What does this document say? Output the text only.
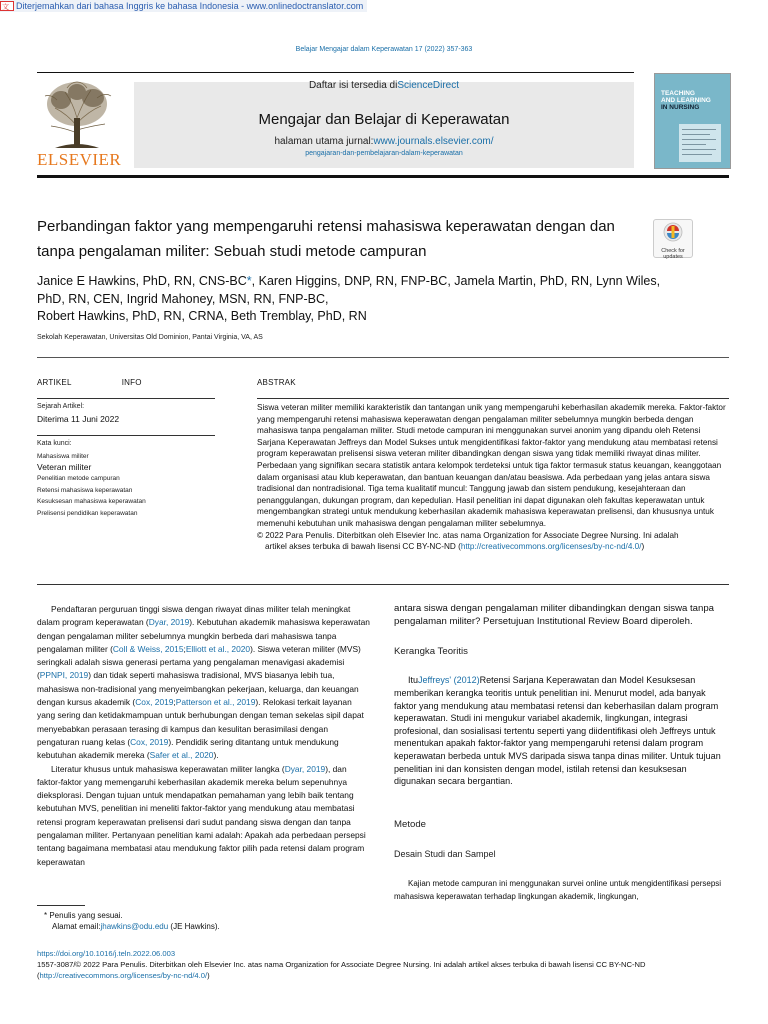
文 Diterjemahkan dari bahasa Inggris ke bahasa Indonesia - www.onlinedoctranslator.com
Belajar Mengajar dalam Keperawatan 17 (2022) 357-363
ELSEVIER
Daftar isi tersedia diScienceDirect
Mengajar dan Belajar di Keperawatan
halaman utama jurnal:www.journals.elsevier.com/
pengajaran-dan-pembelajaran-dalam-keperawatan
TEACHING
AND LEARNING
IN NURSING
Perbandingan faktor yang mempengaruhi retensi mahasiswa keperawatan dengan dan tanpa pengalaman militer: Sebuah studi metode campuran	Check for
updates
Janice E Hawkins, PhD, RN, CNS-BC*, Karen Higgins, DNP, RN, FNP-BC, Jamela Martin, PhD, RN, Lynn Wiles, PhD, RN, CEN, Ingrid Mahoney, MSN, RN, FNP-BC,
Robert Hawkins, PhD, RN, CRNA, Beth Tremblay, PhD, RN
Sekolah Keperawatan, Universitas Old Dominion, Pantai Virginia, VA, AS
ARTIKEL	INFO
Sejarah Artikel:
Diterima 11 Juni 2022
Kata kunci:
Mahasiswa militer
Veteran militer
Penelitian metode campuran
Retensi mahasiswa keperawatan
Kesuksesan mahasiswa keperawatan
Prelisensi pendidikan keperawatan
ABSTRAK
Siswa veteran militer memiliki karakteristik dan tantangan unik yang mempengaruhi keberhasilan akademik mereka. Faktor-faktor yang mempengaruhi retensi mahasiswa keperawatan dengan pengalaman militer sebelumnya mungkin berbeda dengan mahasiswa tanpa pengalaman militer. Studi metode campuran ini menggunakan survei anonim yang dipandu oleh Retensi Sarjana Keperawatan Jeffreys dan Model Sukses untuk mengidentifikasi faktor-faktor yang mendukung atau membatasi retensi program keperawatan prelisensi siswa veteran militer dibandingkan dengan siswa yang tidak memiliki riwayat dinas militer. Perbedaan yang signifikan secara statistik antara kelompok terdeteksi untuk tiga faktor termasuk status keuangan, keanggotaan dalam organisasi atau klub keperawatan, dan bantuan keuangan dan/atau beasiswa. Ada perbedaan yang jelas antara siswa tradisional dan nontradisional. Tiga tema kualitatif muncul: Tanggung jawab dan sistem pendukung, kesejahteraan dan penanggulangan, dukungan program, dan kepedulian. Hasil penelitian ini dapat digunakan oleh fakultas keperawatan untuk mengembangkan strategi untuk mendukung keberhasilan akademik mahasiswa keperawatan prelisensi, dan khususnya untuk memenuhi kebutuhan unik mahasiswa dengan pengalaman militer sebelumnya.
© 2022 Para Penulis. Diterbitkan oleh Elsevier Inc. atas nama Organization for Associate Degree Nursing. Ini adalah
artikel akses terbuka di bawah lisensi CC BY-NC-ND (http://creativecommons.org/licenses/by-nc-nd/4.0/)

Pendaftaran perguruan tinggi siswa dengan riwayat dinas militer telah meningkat dalam program keperawatan (Dyar, 2019). Kebutuhan akademik mahasiswa keperawatan dengan pengalaman militer sebelumnya mungkin berbeda dari mahasiswa tanpa pengalaman militer (Coll & Weiss, 2015;Elliott et al., 2020). Siswa veteran militer (MVS) seringkali adalah siswa generasi pertama yang pengalaman menavigasi akademisi (PPNPI, 2019) dan tidak seperti mahasiswa tradisional, MVS biasanya lebih tua, mahasiswa non-tradisional yang menyeimbangkan pekerjaan, keluarga, dan keuangan dengan kursus akademik (Cox, 2019;Patterson et al., 2019). Relokasi terkait layanan yang sering dan ketidakmampuan untuk berhubungan dengan teman sekelas sipil dapat menyebabkan perasaan terasing di kampus dan kesulitan berasimilasi dengan pengaturan ruang kelas (Cox, 2019). Pendidik sering ditantang untuk mendukung kebutuhan akademik mereka (Safer et al., 2020).

Literatur khusus untuk mahasiswa keperawatan militer langka (Dyar, 2019), dan faktor-faktor yang memengaruhi keberhasilan akademik mereka belum sepenuhnya dieksplorasi. Dengan tujuan untuk mendapatkan pemahaman yang lebih baik tentang kebutuhan MVS, penelitian ini meneliti faktor-faktor yang mendukung atau membatasi retensi program keperawatan prelisensi dari sudut pandang siswa dengan dan tanpa pengalaman militer. Pertanyaan penelitian kami adalah: Apakah ada perbedaan persepsi tentang bagaimana membatasi atau mendukung faktor pilih pada retensi dalam program keperawatan

antara siswa dengan pengalaman militer dibandingkan dengan siswa tanpa pengalaman militer? Persetujuan Institutional Review Board diperoleh.

Kerangka Teoritis

ItuJeffreys' (2012)Retensi Sarjana Keperawatan dan Model Kesuksesan memberikan kerangka teoritis untuk penelitian ini. Menurut model, ada banyak faktor yang mendukung atau membatasi retensi dan keberhasilan dalam program keperawatan. Studi ini mengukur variabel akademik, lingkungan, integrasi profesional, dan sosialisasi tertentu seperti yang diidentifikasi oleh Jeffreys untuk menentukan apakah faktor-faktor yang mempengaruhi retensi dalam program keperawatan berbeda untuk MVS daripada siswa tanpa dinas militer. Untuk tujuan penelitian ini dan konsisten dengan model, istilah retensi dan kesuksesan digunakan secara bergantian.

Metode
Desain Studi dan Sampel

Kajian metode campuran ini menggunakan survei online untuk mengidentifikasi persepsi mahasiswa keperawatan terhadap lingkungan akademik, lingkungan,

* Penulis yang sesuai.
Alamat email:jhawkins@odu.edu (JE Hawkins).
https://doi.org/10.1016/j.teln.2022.06.003
1557-3087/© 2022 Para Penulis. Diterbitkan oleh Elsevier Inc. atas nama Organization for Associate Degree Nursing. Ini adalah artikel akses terbuka di bawah lisensi CC BY-NC-ND (http://creativecommons.org/licenses/by-nc-nd/4.0/)
